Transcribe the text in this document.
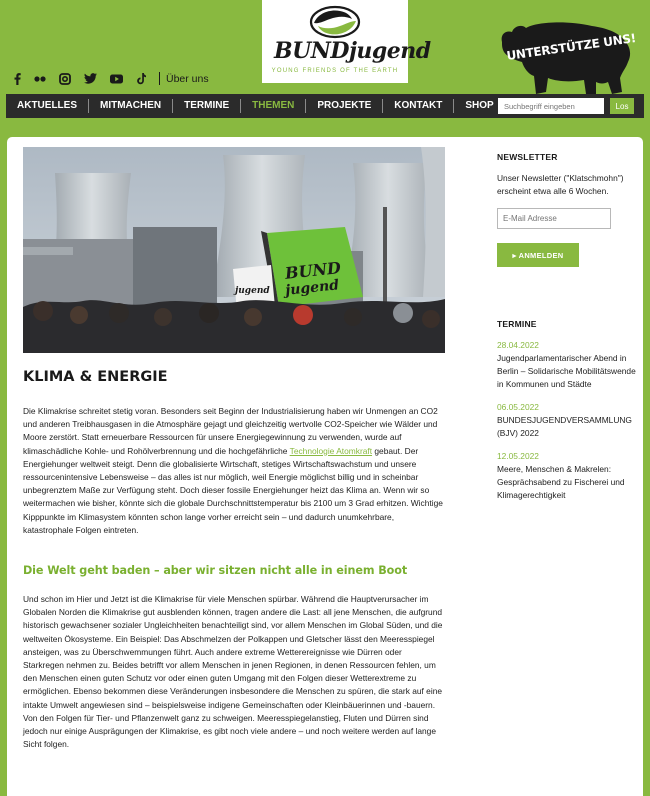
Über uns
BUNDjugend
YOUNG FRIENDS OF THE EARTH
UNTERSTÜTZE UNS!
AKTUELLES	MITMACHEN	TERMINE	THEMEN	PROJEKTE	KONTAKT	SHOP
Suchbegriff eingeben	Los
BUND
jugend
jugend
KLIMA & ENERGIE

Die Klimakrise schreitet stetig voran. Besonders seit Beginn der Industrialisierung haben wir Unmengen an CO2 und anderen Treibhausgasen in die Atmosphäre gejagt und gleichzeitig wertvolle CO2-Speicher wie Wälder und Moore zerstört. Statt erneuerbare Ressourcen für unsere Energiegewinnung zu verwenden, wurde auf klimaschädliche Kohle- und Rohölverbrennung und die hochgefährliche Technologie Atomkraft gebaut. Der Energiehunger weltweit steigt. Denn die globalisierte Wirtschaft, stetiges Wirtschaftswachstum und unsere ressourcenintensive Lebensweise – das alles ist nur möglich, weil Energie möglichst billig und in scheinbar unbegrenztem Maße zur Verfügung steht. Doch dieser fossile Energiehunger heizt das Klima an. Wenn wir so weitermachen wie bisher, könnte sich die globale Durchschnittstemperatur bis 2100 um 3 Grad erhitzen. Wichtige Kipppunkte im Klimasystem könnten schon lange vorher erreicht sein – und dadurch unumkehrbare, katastrophale Folgen eintreten.

Die Welt geht baden – aber wir sitzen nicht alle in einem Boot

Und schon im Hier und Jetzt ist die Klimakrise für viele Menschen spürbar. Während die Hauptverursacher im Globalen Norden die Klimakrise gut ausblenden können, tragen andere die Last: all jene Menschen, die aufgrund historisch gewachsener sozialer Ungleichheiten benachteiligt sind, vor allem Menschen im Global Süden, und die weltweiten Ökosysteme. Ein Beispiel: Das Abschmelzen der Polkappen und Gletscher lässt den Meeresspiegel ansteigen, was zu Überschwemmungen führt. Auch andere extreme Wetterereignisse wie Dürren oder Starkregen nehmen zu. Beides betrifft vor allem Menschen in jenen Regionen, in denen Ressourcen fehlen, um den Menschen einen guten Schutz vor oder einen guten Umgang mit den Folgen dieser Wetterextreme zu ermöglichen. Ebenso bekommen diese Veränderungen insbesondere die Menschen zu spüren, die stark auf eine intakte Umwelt angewiesen sind – beispielsweise indigene Gemeinschaften oder Kleinbäuerinnen und -bauern. Von den Folgen für Tier- und Pflanzenwelt ganz zu schweigen. Meeresspiegelanstieg, Fluten und Dürren sind jedoch nur einige Ausprägungen der Klimakrise, es gibt noch viele andere – und noch weitere werden auf lange Sicht folgen.

NEWSLETTER
Unser Newsletter ("Klatschmohn") erscheint etwa alle 6 Wochen.
E-Mail Adresse
▸ ANMELDEN
TERMINE
28.04.2022
Jugendparlamentarischer Abend in Berlin – Solidarische Mobilitätswende in Kommunen und Städte
06.05.2022
BUNDESJUGENDVERSAMMLUNG (BJV) 2022
12.05.2022
Meere, Menschen & Makrelen: Gesprächsabend zu Fischerei und Klimagerechtigkeit
